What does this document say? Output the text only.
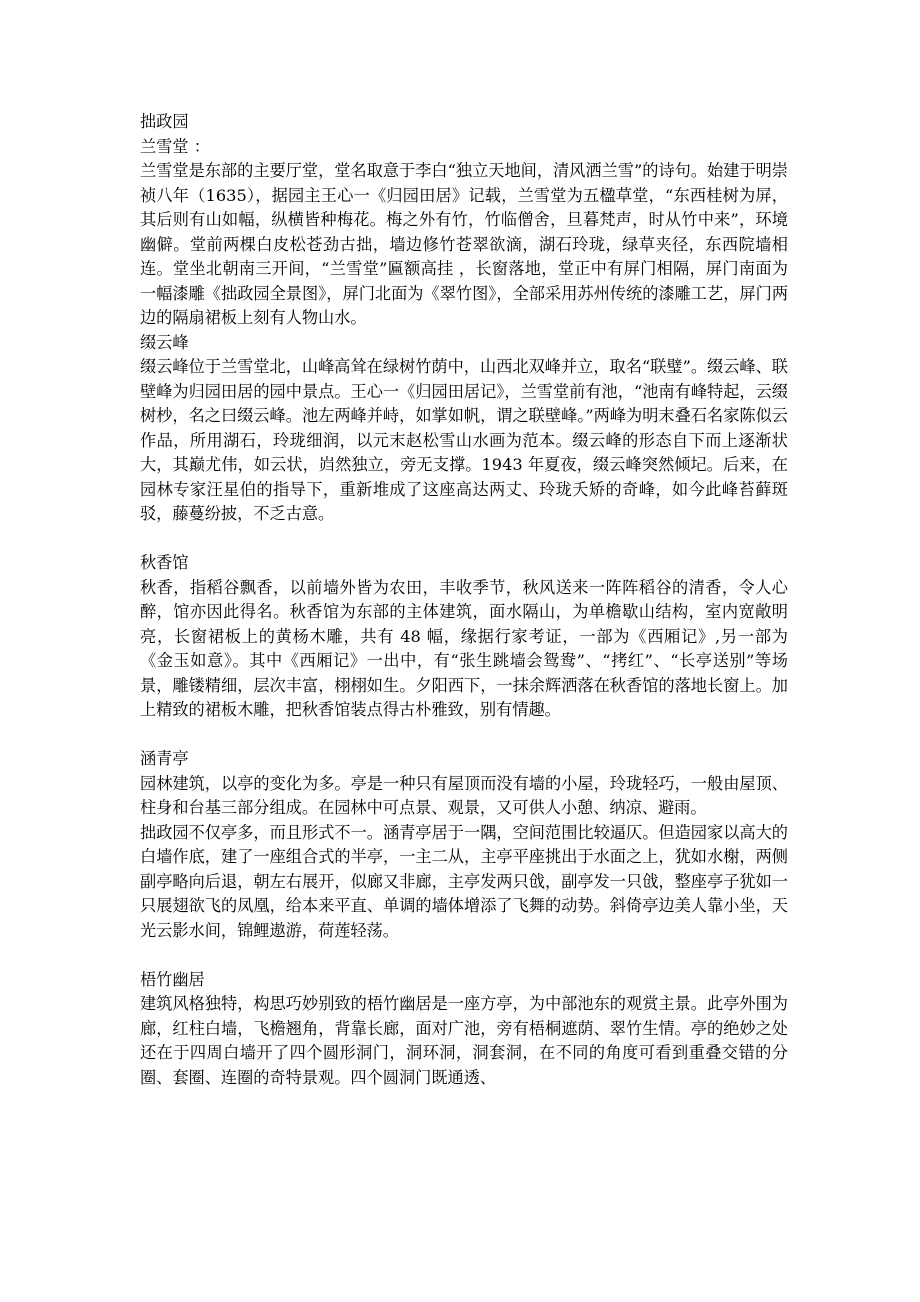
拙政园

兰雪堂 ：

兰雪堂是东部的主要厅堂，堂名取意于李白“独立天地间，清风洒兰雪”的诗句。始建于明崇祯八年（1635），据园主王心一《归园田居》记载，兰雪堂为五楹草堂，“东西桂树为屏，其后则有山如幅，纵横皆种梅花。梅之外有竹，竹临僧舍，旦暮梵声，时从竹中来”，环境幽僻。堂前两棵白皮松苍劲古拙，墙边修竹苍翠欲滴，湖石玲珑，绿草夹径，东西院墙相连。堂坐北朝南三开间，“兰雪堂”匾额高挂 ，长窗落地，堂正中有屏门相隔，屏门南面为一幅漆雕《拙政园全景图》，屏门北面为《翠竹图》，全部采用苏州传统的漆雕工艺，屏门两边的隔扇裙板上刻有人物山水。

缀云峰

缀云峰位于兰雪堂北，山峰高耸在绿树竹荫中，山西北双峰并立，取名“联璧”。缀云峰、联壁峰为归园田居的园中景点。王心一《归园田居记》，兰雪堂前有池，“池南有峰特起，云缀树杪，名之曰缀云峰。池左两峰并峙，如掌如帆，谓之联壁峰。”两峰为明末叠石名家陈似云作品，所用湖石，玲珑细润，以元末赵松雪山水画为范本。缀云峰的形态自下而上逐渐状大，其巅尤伟，如云状，岿然独立，旁无支撑。1943 年夏夜，缀云峰突然倾圮。后来，在园林专家汪星伯的指导下，重新堆成了这座高达两丈、玲珑夭矫的奇峰，如今此峰苔藓斑驳，藤蔓纷披，不乏古意。

秋香馆

秋香，指稻谷飘香，以前墙外皆为农田，丰收季节，秋风送来一阵阵稻谷的清香，令人心醉，馆亦因此得名。秋香馆为东部的主体建筑，面水隔山，为单檐歇山结构，室内宽敞明亮，长窗裙板上的黄杨木雕，共有 48 幅，缘据行家考证，一部为《西厢记》,另一部为《金玉如意》。其中《西厢记》一出中，有“张生跳墙会鸳鸯”、“拷红”、“长亭送别”等场景，雕镂精细，层次丰富，栩栩如生。夕阳西下，一抹余辉洒落在秋香馆的落地长窗上。加上精致的裙板木雕，把秋香馆装点得古朴雅致，别有情趣。

涵青亭

园林建筑，以亭的变化为多。亭是一种只有屋顶而没有墙的小屋，玲珑轻巧，一般由屋顶、柱身和台基三部分组成。在园林中可点景、观景，又可供人小憩、纳凉、避雨。

拙政园不仅亭多，而且形式不一。涵青亭居于一隅，空间范围比较逼仄。但造园家以高大的白墙作底，建了一座组合式的半亭，一主二从，主亭平座挑出于水面之上，犹如水榭，两侧副亭略向后退，朝左右展开，似廊又非廊，主亭发两只戗，副亭发一只戗，整座亭子犹如一只展翅欲飞的凤凰，给本来平直、单调的墙体增添了飞舞的动势。斜倚亭边美人靠小坐，天光云影水间，锦鲤遨游，荷莲轻荡。

梧竹幽居

建筑风格独特，构思巧妙别致的梧竹幽居是一座方亭，为中部池东的观赏主景。此亭外围为廊，红柱白墙，飞檐翘角，背靠长廊，面对广池，旁有梧桐遮荫、翠竹生情。亭的绝妙之处还在于四周白墙开了四个圆形洞门，洞环洞，洞套洞，在不同的角度可看到重叠交错的分圈、套圈、连圈的奇特景观。四个圆洞门既通透、
